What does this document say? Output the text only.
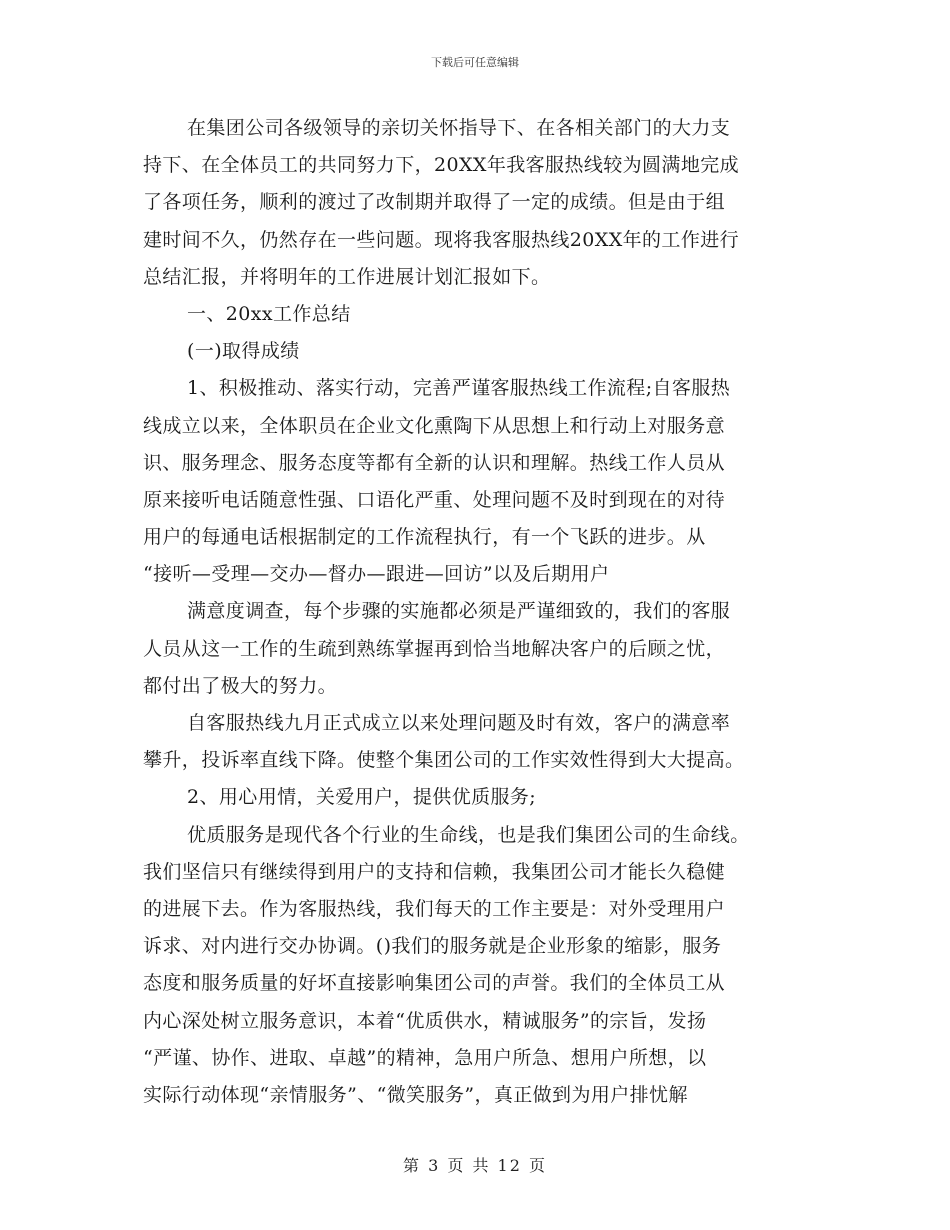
下载后可任意编辑
在集团公司各级领导的亲切关怀指导下、在各相关部门的大力支
持下、在全体员工的共同努力下，20XX年我客服热线较为圆满地完成
了各项任务，顺利的渡过了改制期并取得了一定的成绩。但是由于组
建时间不久，仍然存在一些问题。现将我客服热线20XX年的工作进行
总结汇报，并将明年的工作进展计划汇报如下。
一、20xx工作总结
(一)取得成绩
1、积极推动、落实行动，完善严谨客服热线工作流程;自客服热
线成立以来，全体职员在企业文化熏陶下从思想上和行动上对服务意
识、服务理念、服务态度等都有全新的认识和理解。热线工作人员从
原来接听电话随意性强、口语化严重、处理问题不及时到现在的对待
用户的每通电话根据制定的工作流程执行，有一个飞跃的进步。从
“接听—受理—交办—督办—跟进—回访”以及后期用户
满意度调查，每个步骤的实施都必须是严谨细致的，我们的客服
人员从这一工作的生疏到熟练掌握再到恰当地解决客户的后顾之忧，
都付出了极大的努力。
自客服热线九月正式成立以来处理问题及时有效，客户的满意率
攀升，投诉率直线下降。使整个集团公司的工作实效性得到大大提高。
2、用心用情，关爱用户，提供优质服务;
优质服务是现代各个行业的生命线，也是我们集团公司的生命线。
我们坚信只有继续得到用户的支持和信赖，我集团公司才能长久稳健
的进展下去。作为客服热线，我们每天的工作主要是：对外受理用户
诉求、对内进行交办协调。()我们的服务就是企业形象的缩影，服务
态度和服务质量的好坏直接影响集团公司的声誉。我们的全体员工从
内心深处树立服务意识，本着“优质供水，精诚服务”的宗旨，发扬
“严谨、协作、进取、卓越”的精神，急用户所急、想用户所想，以
实际行动体现“亲情服务”、“微笑服务”，真正做到为用户排忧解
第 3 页 共 12 页
